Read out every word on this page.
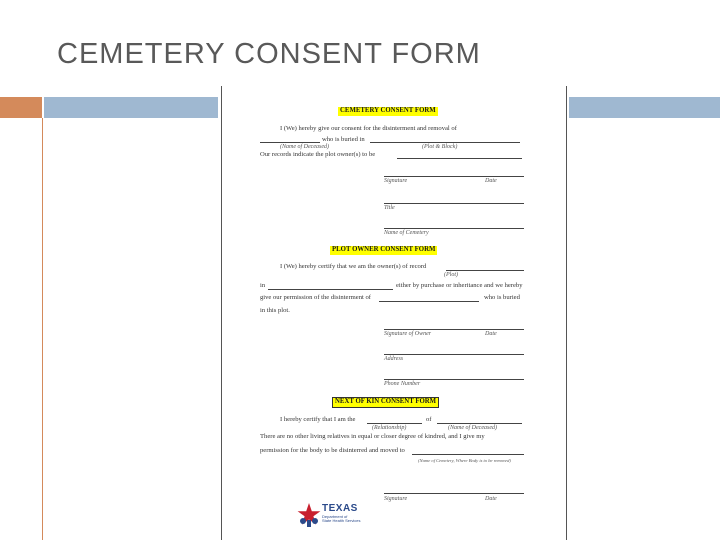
CEMETERY CONSENT FORM
CEMETERY CONSENT FORM
I (We) hereby give our consent for the disinterment and removal of
who is buried in
(Name of Deceased)	(Plot & Block)
Our records indicate the plot owner(s) to be
Signature	Date
Title
Name of Cemetery
PLOT OWNER CONSENT FORM
I (We) hereby certify that we am the owner(s) of record
(Plot)
in	either by purchase or inheritance and we hereby
give our permission of the disinterment of	who is buried
in this plot.
Signature of Owner	Date
Address
Phone Number
NEXT OF KIN CONSENT FORM
I hereby certify that I am the	of
(Relationship)	(Name of Deceased)
There are no other living relatives in equal or closer degree of kindred, and I give my
permission for the body to be disinterred and moved to
(Name of Cemetery, Where Body is to be removed)
Signature	Date
TEXAS
Department of
State Health Services
